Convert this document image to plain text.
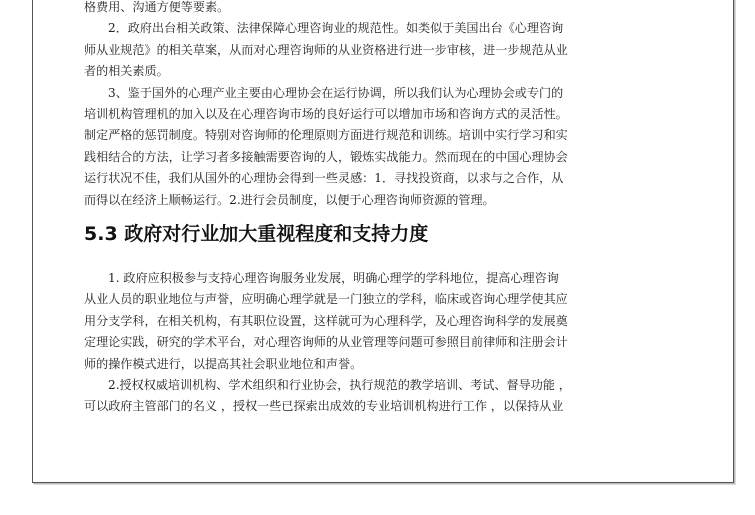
格费用、沟通方便等要素。
2．政府出台相关政策、法律保障心理咨询业的规范性。如类似于美国出台《心理咨询
师从业规范》的相关草案，从而对心理咨询师的从业资格进行进一步审核，进一步规范从业
者的相关素质。
3、鉴于国外的心理产业主要由心理协会在运行协调，所以我们认为心理协会或专门的
培训机构管理机的加入以及在心理咨询市场的良好运行可以增加市场和咨询方式的灵活性。
制定严格的惩罚制度。特别对咨询师的伦理原则方面进行规范和训练。培训中实行学习和实
践相结合的方法，让学习者多接触需要咨询的人，锻炼实战能力。然而现在的中国心理协会
运行状况不佳，我们从国外的心理协会得到一些灵感：1．寻找投资商，以求与之合作，从
而得以在经济上顺畅运行。2.进行会员制度，以便于心理咨询师资源的管理。
5.3 政府对行业加大重视程度和支持力度
1. 政府应积极参与支持心理咨询服务业发展，明确心理学的学科地位，提高心理咨询
从业人员的职业地位与声誉，应明确心理学就是一门独立的学科，临床或咨询心理学使其应
用分支学科，在相关机构，有其职位设置，这样就可为心理科学，及心理咨询科学的发展奠
定理论实践，研究的学术平台，对心理咨询师的从业管理等问题可参照目前律师和注册会计
师的操作模式进行，以提高其社会职业地位和声誉。
2.授权权威培训机构、学术组织和行业协会，执行规范的教学培训、考试、督导功能 ，
可以政府主管部门的名义 ，授权一些已探索出成效的专业培训机构进行工作 ，以保持从业
